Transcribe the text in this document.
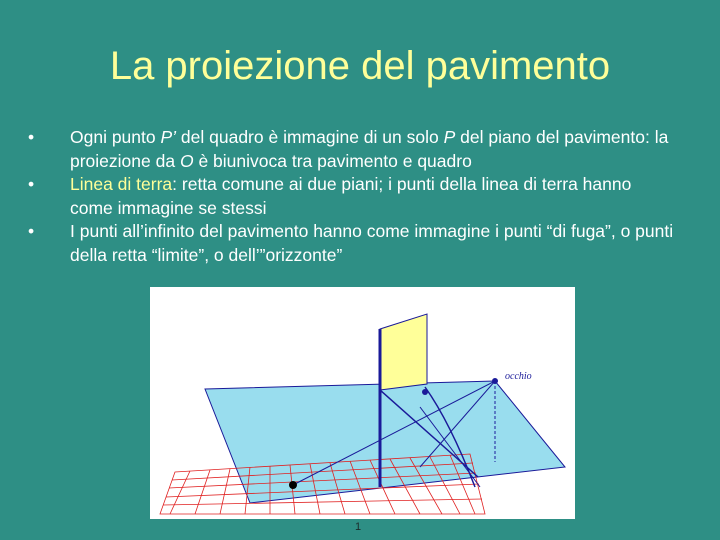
La proiezione del pavimento
• Ogni punto P’ del quadro è immagine di un solo P del piano del pavimento: la proiezione da O è biunivoca tra pavimento e quadro
• Linea di terra: retta comune ai due piani; i punti della linea di terra hanno come immagine se stessi
• I punti all’infinito del pavimento hanno come immagine i punti “di fuga”, o punti della retta “limite”, o dell’”orizzonte”
occhio
1
